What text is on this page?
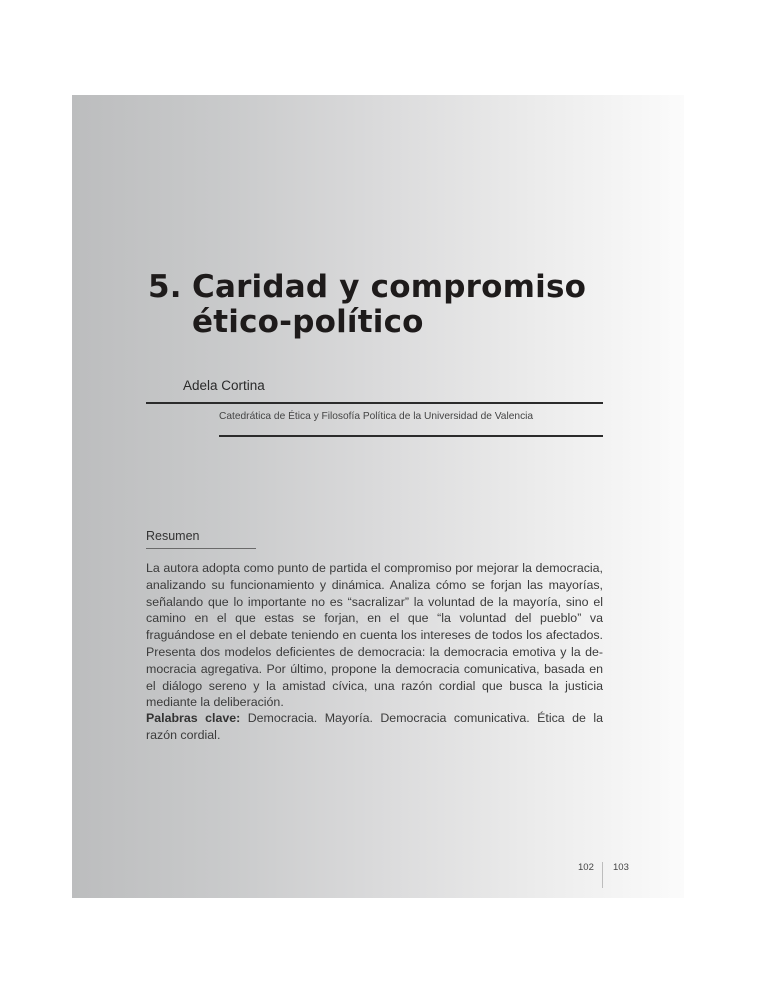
5. Caridad y compromiso
ético-político
Adela Cortina
Catedrática de Ética y Filosofía Política de la Universidad de Valencia
Resumen

La autora adopta como punto de partida el compromiso por mejorar la democracia, analizando su funcionamiento y dinámica. Analiza cómo se forjan las mayorías, señalando que lo importante no es “sacralizar” la voluntad de la mayoría, sino el camino en el que estas se forjan, en el que “la voluntad del pueblo” va fraguándose en el debate teniendo en cuenta los intereses de todos los afectados. Presenta dos modelos deficientes de democracia: la democracia emotiva y la democracia agregativa. Por último, propone la democracia comunicativa, basada en el diálogo sereno y la amistad cívica, una razón cordial que busca la justicia mediante la deliberación.

Palabras clave: Democracia. Mayoría. Democracia comunicativa. Ética de la razón cordial.

102 103
